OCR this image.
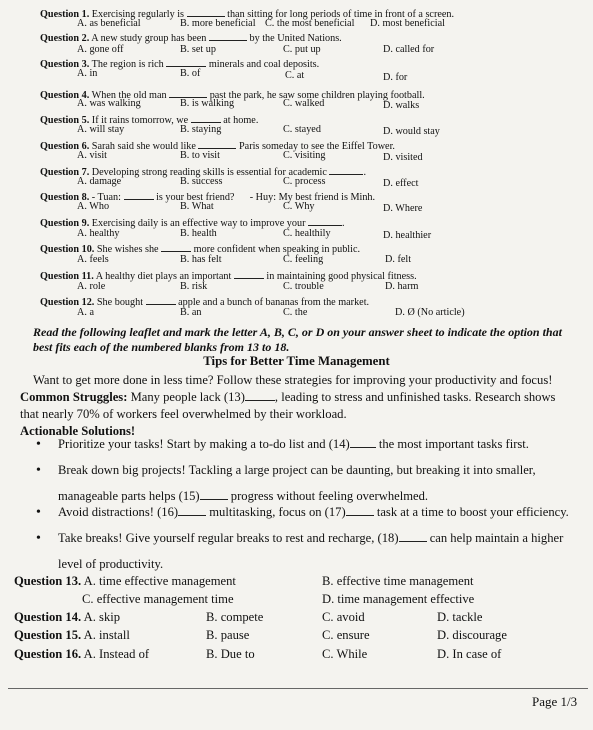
Question 1. Exercising regularly is	than sitting for long periods of time in front of a screen.
A. as beneficial	B. more beneficial C. the most beneficial D. most beneficial
Question 2. A new study group has been	by the United Nations.
A. gone off	B. set up	C. put up	D. called for
Question 3. The region is rich	minerals and coal deposits.
A. in	B. of	C. at	D. for
Question 4. When the old man	past the park, he saw some children playing football.
A. was walking	B. is walking	C. walked	D. walks
Question 5. If it rains tomorrow, we	at home.
A. will stay	B. staying	C. stayed	D. would stay
Question 6. Sarah said she would like	Paris someday to see the Eiffel Tower.
A. visit	B. to visit	C. visiting	D. visited
Question 7. Developing strong reading skills is essential for academic	.
A. damage	B. success	C. process	D. effect
Question 8. - Tuan:	is your best friend? - Huy: My best friend is Minh.
A. Who	B. What	C. Why	D. Where
Question 9. Exercising daily is an effective way to improve your	.
A. healthy	B. health	C. healthily	D. healthier
Question 10. She wishes she	more confident when speaking in public.
A. feels	B. has felt	C. feeling	D. felt
Question 11. A healthy diet plays an important	in maintaining good physical fitness.
A. role	B. risk	C. trouble	D. harm
Question 12. She bought	apple and a bunch of bananas from the market.
A. a	B. an	C. the	D. Ø (No article)
Read the following leaflet and mark the letter A, B, C, or D on your answer sheet to indicate the option that best fits each of the numbered blanks from 13 to 18.
Tips for Better Time Management
Want to get more done in less time? Follow these strategies for improving your productivity and focus!
Common Struggles: Many people lack (13) , leading to stress and unfinished tasks. Research shows
that nearly 70% of workers feel overwhelmed by their workload.
Actionable Solutions!
• Prioritize your tasks! Start by making a to-do list and (14) the most important tasks first.
• Break down big projects! Tackling a large project can be daunting, but breaking it into smaller,
manageable parts helps (15) progress without feeling overwhelmed.
• Avoid distractions! (16) multitasking, focus on (17) task at a time to boost your efficiency.
• Take breaks! Give yourself regular breaks to rest and recharge, (18) can help maintain a higher
level of productivity.
Question 13. A. time effective management	B. effective time management
C. effective management time	D. time management effective
Question 14. A. skip	B. compete	C. avoid	D. tackle
Question 15. A. install	B. pause	C. ensure	D. discourage
Question 16. A. Instead of	B. Due to	C. While	D. In case of
Page 1/3
